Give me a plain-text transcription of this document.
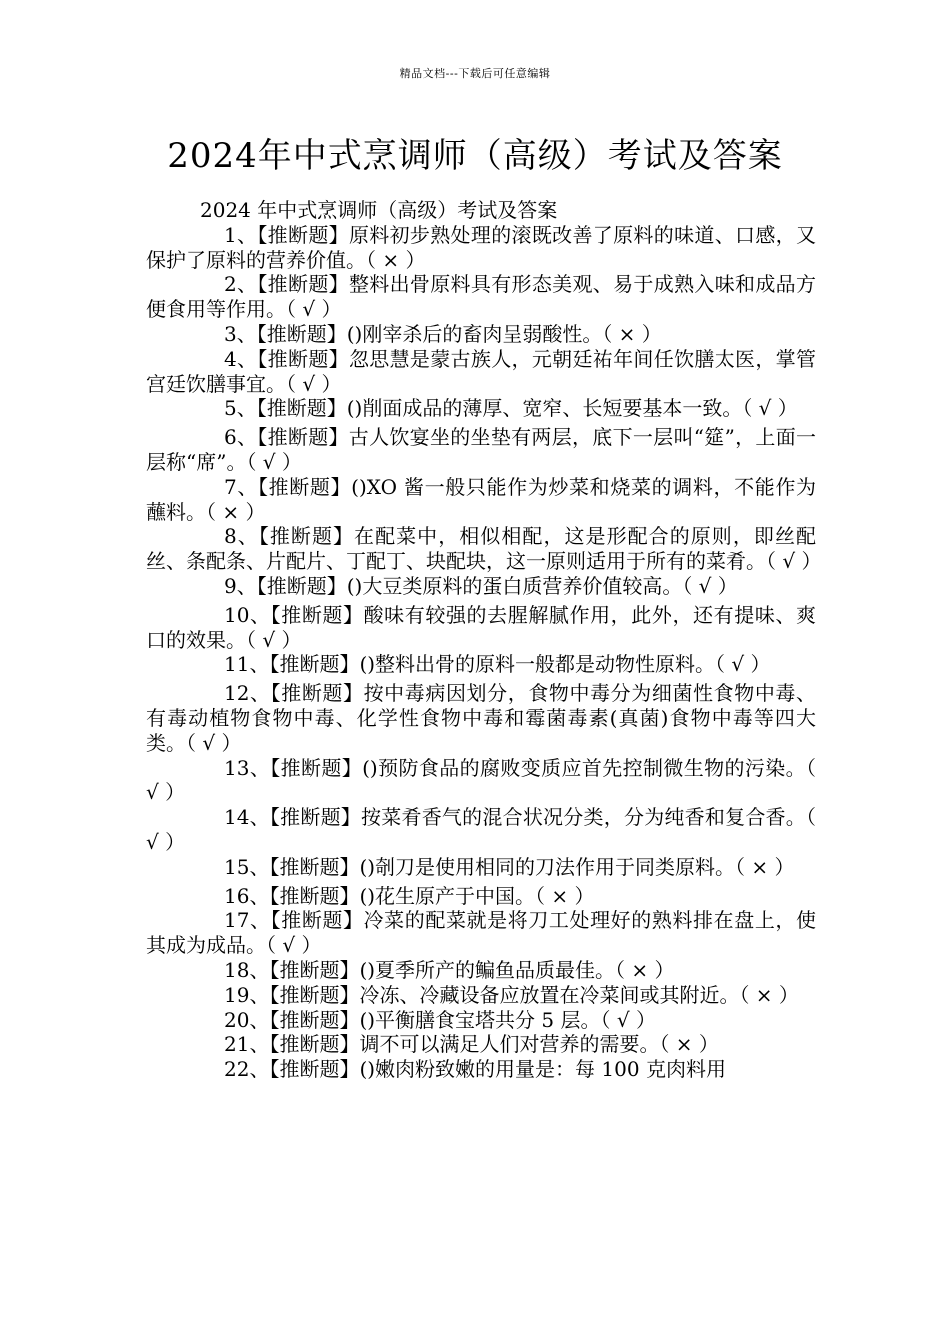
精品文档---下载后可任意编辑
2024年中式烹调师（高级）考试及答案
2024 年中式烹调师（高级）考试及答案

1、【推断题】原料初步熟处理的滚既改善了原料的味道、口感，又保护了原料的营养价值。（ × ）

2、【推断题】整料出骨原料具有形态美观、易于成熟入味和成品方便食用等作用。（ √ ）

3、【推断题】()刚宰杀后的畜肉呈弱酸性。（ × ）

4、【推断题】忽思慧是蒙古族人，元朝廷祐年间任饮膳太医，掌管宫廷饮膳事宜。（ √ ）

5、【推断题】()削面成品的薄厚、宽窄、长短要基本一致。（ √ ）

6、【推断题】古人饮宴坐的坐垫有两层，底下一层叫“筵”，上面一层称“席”。（ √ ）

7、【推断题】()XO 酱一般只能作为炒菜和烧菜的调料，不能作为蘸料。（ × ）

8、【推断题】在配菜中，相似相配，这是形配合的原则，即丝配丝、条配条、片配片、丁配丁、块配块，这一原则适用于所有的菜肴。（ √ ）

9、【推断题】()大豆类原料的蛋白质营养价值较高。（ √ ）

10、【推断题】酸味有较强的去腥解腻作用，此外，还有提味、爽口的效果。（ √ ）

11、【推断题】()整料出骨的原料一般都是动物性原料。（ √ ）

12、【推断题】按中毒病因划分，食物中毒分为细菌性食物中毒、有毒动植物食物中毒、化学性食物中毒和霉菌毒素(真菌)食物中毒等四大类。（ √ ）

13、【推断题】()预防食品的腐败变质应首先控制微生物的污染。（ √ ）

14、【推断题】按菜肴香气的混合状况分类，分为纯香和复合香。（ √ ）

15、【推断题】()剞刀是使用相同的刀法作用于同类原料。（ × ）

16、【推断题】()花生原产于中国。（ × ）

17、【推断题】冷菜的配菜就是将刀工处理好的熟料排在盘上，使其成为成品。（ √ ）

18、【推断题】()夏季所产的鳊鱼品质最佳。（ × ）

19、【推断题】冷冻、冷藏设备应放置在冷菜间或其附近。（ × ）

20、【推断题】()平衡膳食宝塔共分 5 层。（ √ ）

21、【推断题】调不可以满足人们对营养的需要。（ × ）

22、【推断题】()嫩肉粉致嫩的用量是：每 100 克肉料用
